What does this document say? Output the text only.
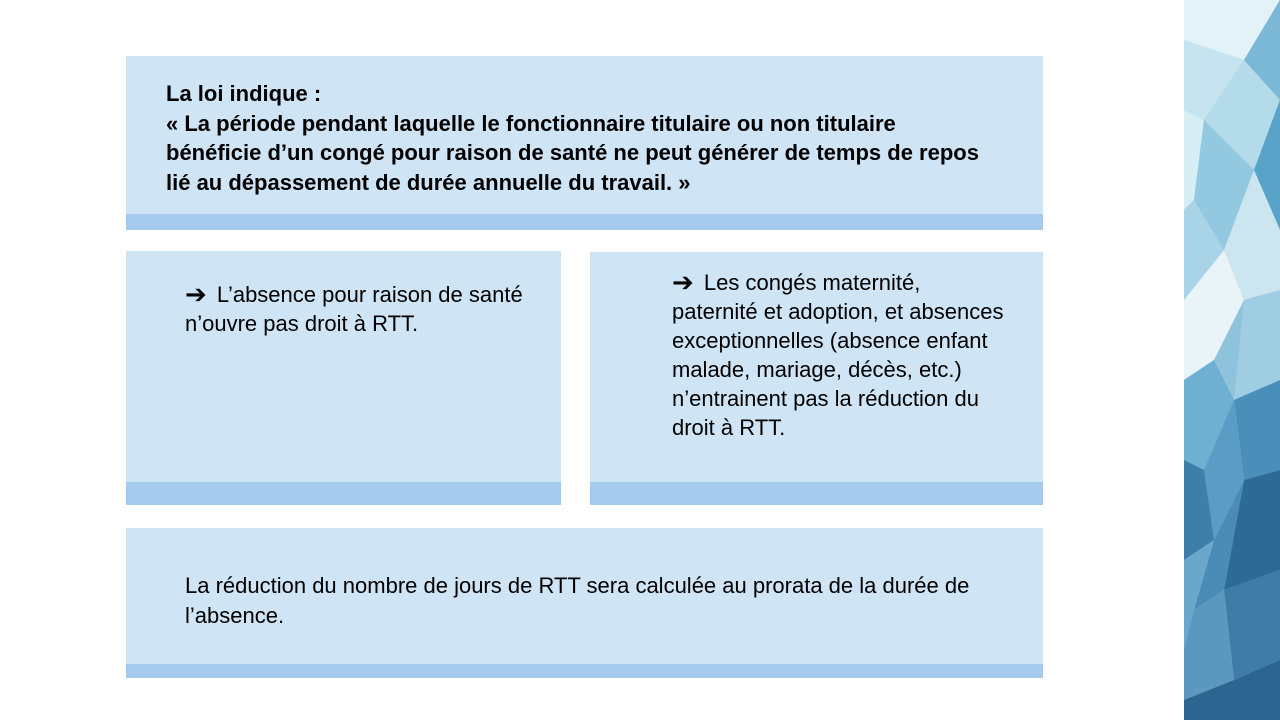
La loi indique :
« La période pendant laquelle le fonctionnaire titulaire ou non titulaire bénéficie d’un congé pour raison de santé ne peut générer de temps de repos lié au dépassement de durée annuelle du travail. »
➔ L’absence pour raison de santé n’ouvre pas droit à RTT.
➔ Les congés maternité, paternité et adoption, et absences exceptionnelles (absence enfant malade, mariage, décès, etc.) n’entrainent pas la réduction du droit à RTT.
La réduction du nombre de jours de RTT sera calculée au prorata de la durée de l’absence.
